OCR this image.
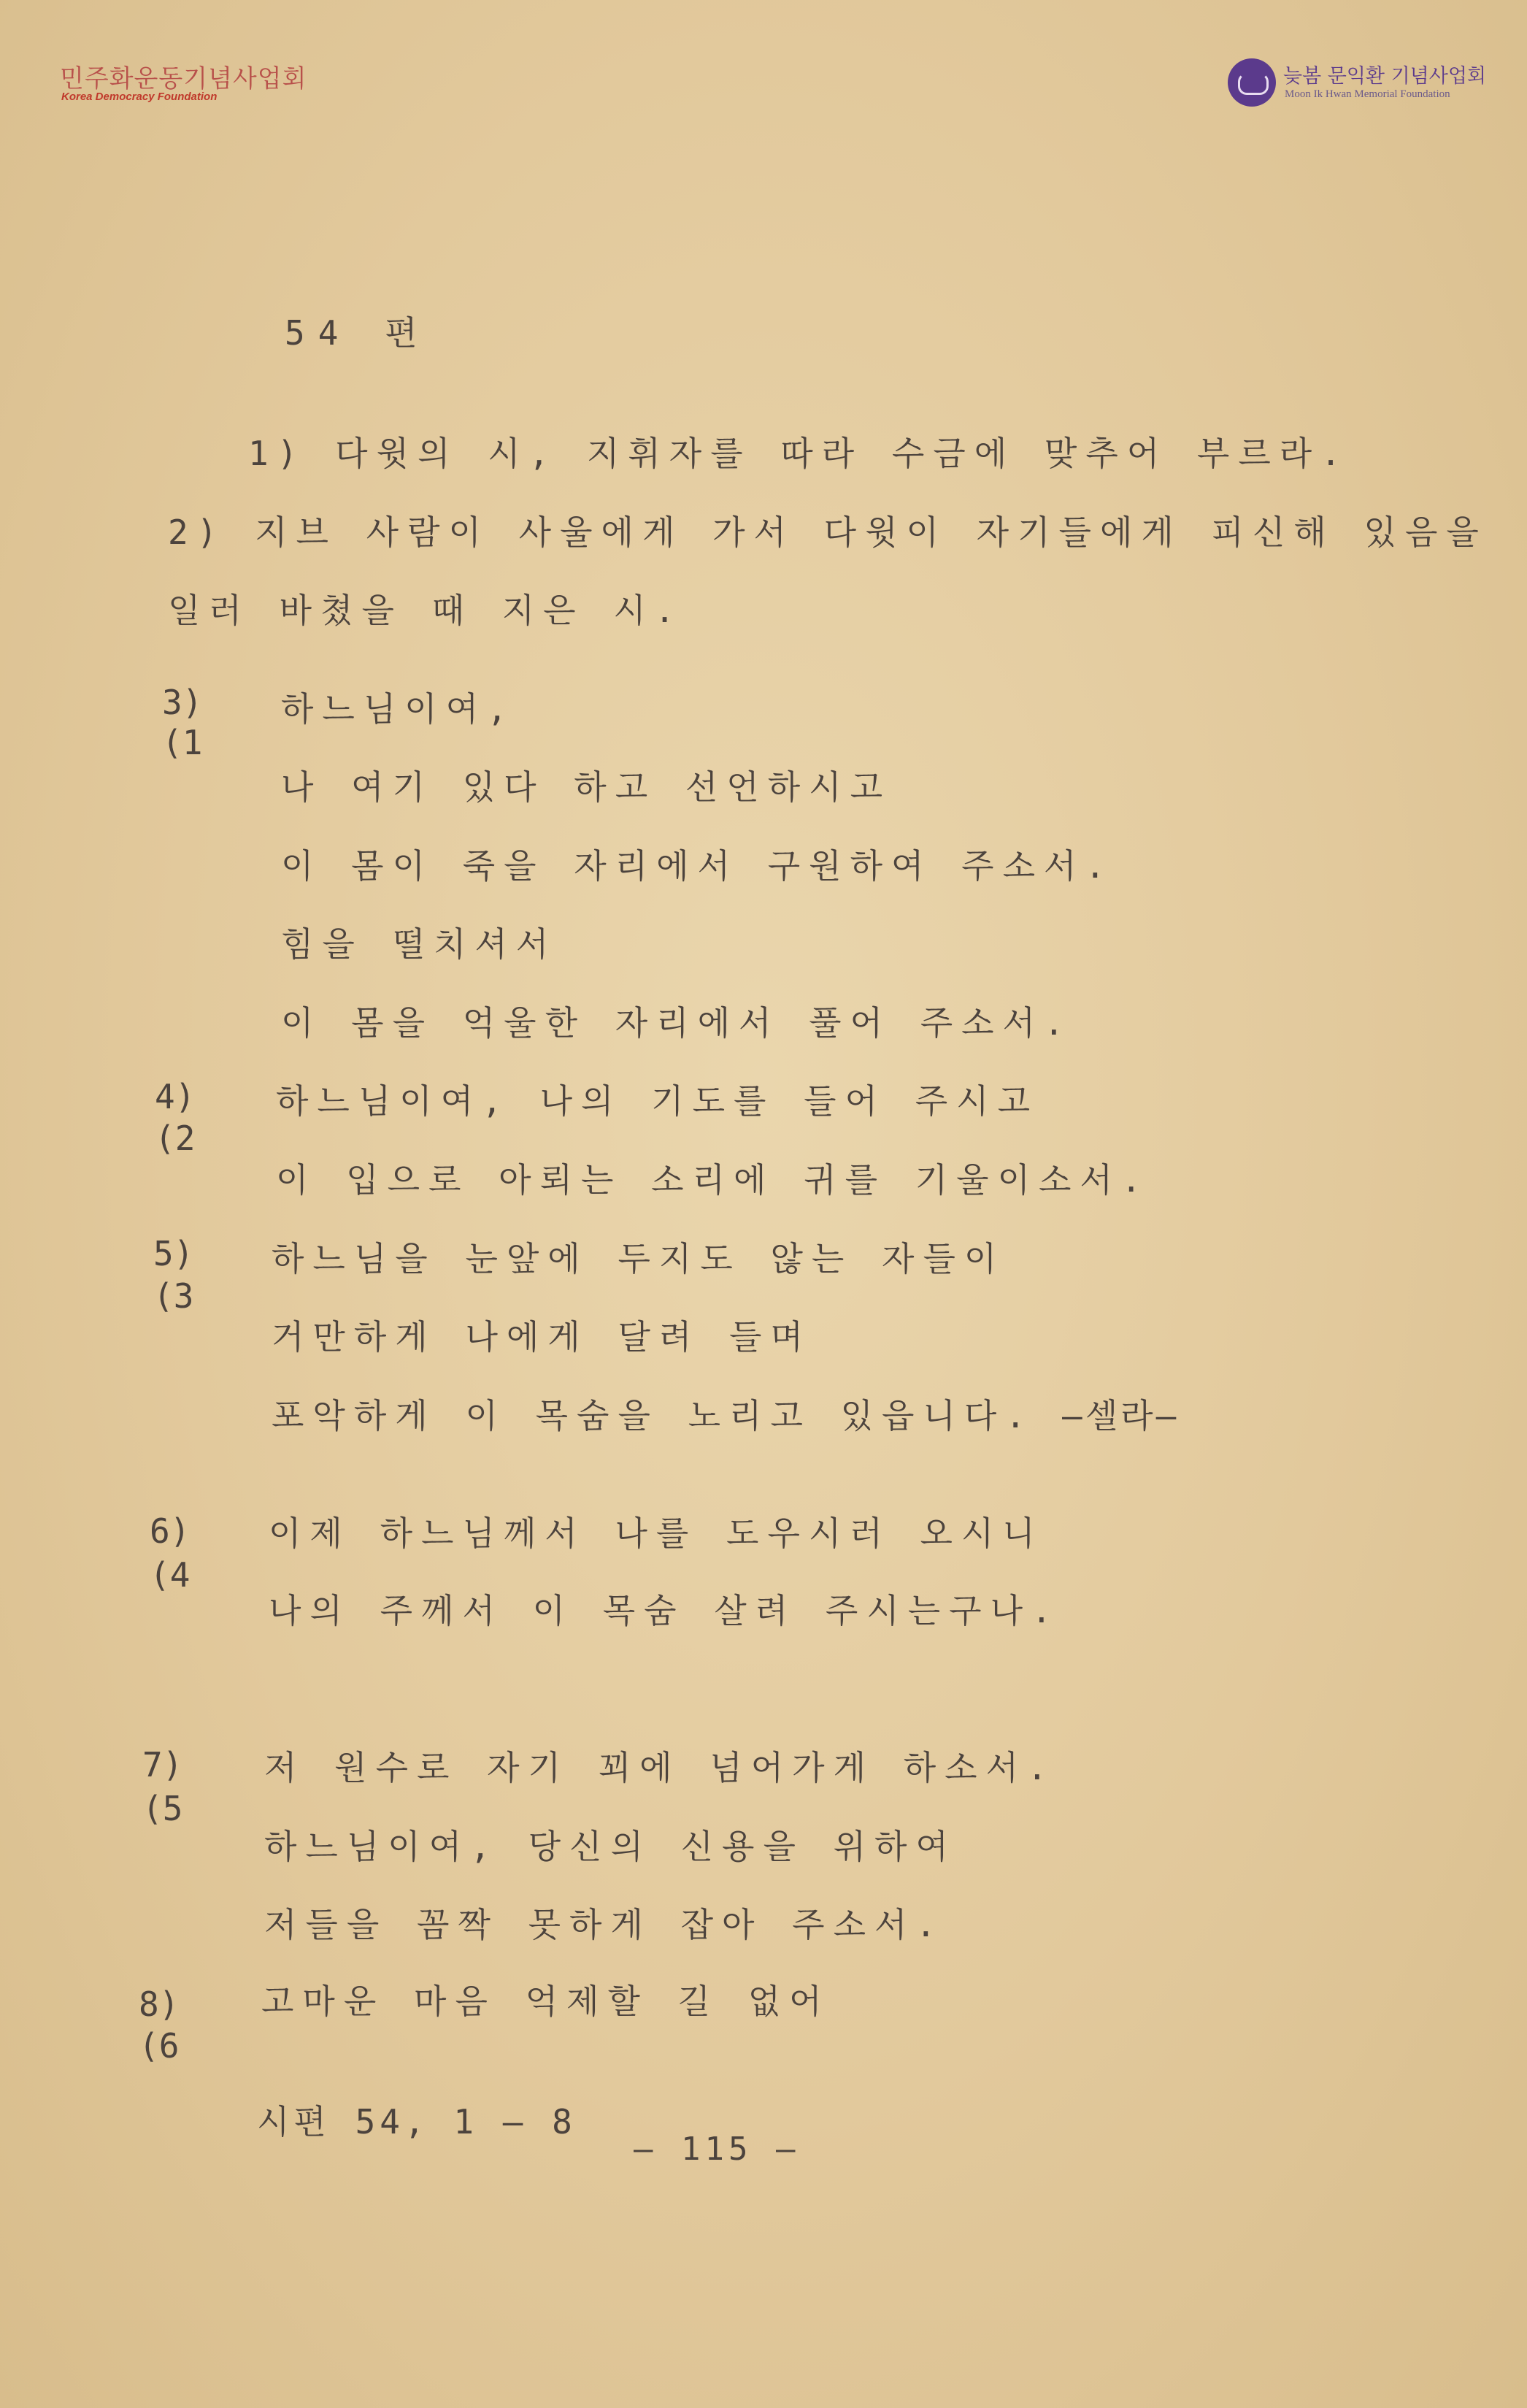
민주화운동기념사업회
Korea Democracy Foundation
늦봄 문익환 기념사업회
Moon Ik Hwan Memorial Foundation
54 편
1) 다윗의 시, 지휘자를 따라 수금에 맞추어 부르라.
2) 지브 사람이 사울에게 가서 다윗이 자기들에게 피신해 있음을
일러 바쳤을 때 지은 시.
3)
(1
하느님이여,
나 여기 있다 하고 선언하시고
이 몸이 죽을 자리에서 구원하여 주소서.
힘을 떨치셔서
이 몸을 억울한 자리에서 풀어 주소서.
4)
(2
하느님이여, 나의 기도를 들어 주시고
이 입으로 아뢰는 소리에 귀를 기울이소서.
5)
(3
하느님을 눈앞에 두지도 않는 자들이
거만하게 나에게 달려 들며
포악하게 이 목숨을 노리고 있읍니다. —셀라—
6)
(4
이제 하느님께서 나를 도우시러 오시니
나의 주께서 이 목숨 살려 주시는구나.
7)
(5
저 원수로 자기 꾀에 넘어가게 하소서.
하느님이여, 당신의 신용을 위하여
저들을 꼼짝 못하게 잡아 주소서.
8)
(6
고마운 마음 억제할 길 없어
시편 54, 1 — 8
— 115 —
